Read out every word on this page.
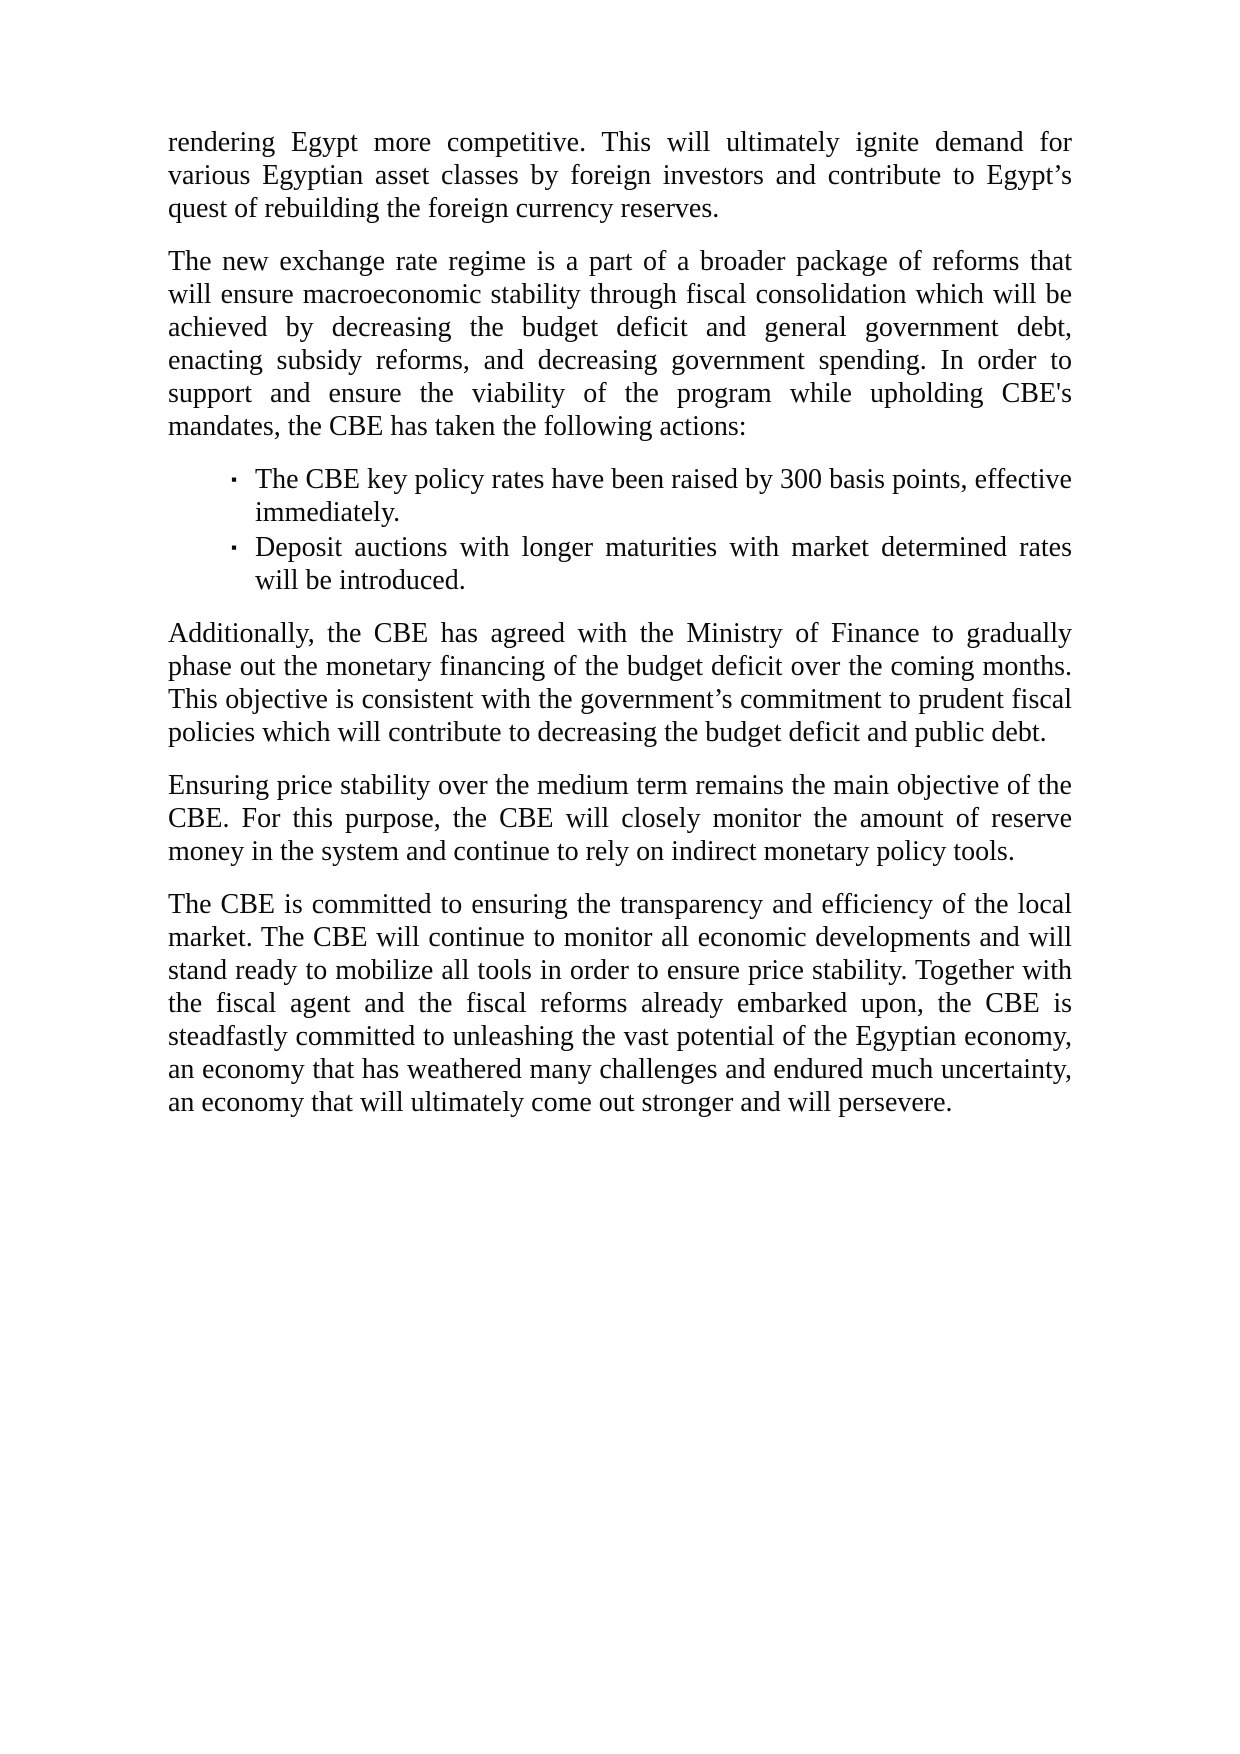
rendering Egypt more competitive. This will ultimately ignite demand for various Egyptian asset classes by foreign investors and contribute to Egypt’s quest of rebuilding the foreign currency reserves.

The new exchange rate regime is a part of a broader package of reforms that will ensure macroeconomic stability through fiscal consolidation which will be achieved by decreasing the budget deficit and general government debt, enacting subsidy reforms, and decreasing government spending. In order to support and ensure the viability of the program while upholding CBE's mandates, the CBE has taken the following actions:

▪ The CBE key policy rates have been raised by 300 basis points, effective immediately.
▪ Deposit auctions with longer maturities with market determined rates will be introduced.

Additionally, the CBE has agreed with the Ministry of Finance to gradually phase out the monetary financing of the budget deficit over the coming months. This objective is consistent with the government’s commitment to prudent fiscal policies which will contribute to decreasing the budget deficit and public debt.

Ensuring price stability over the medium term remains the main objective of the CBE. For this purpose, the CBE will closely monitor the amount of reserve money in the system and continue to rely on indirect monetary policy tools.

The CBE is committed to ensuring the transparency and efficiency of the local market. The CBE will continue to monitor all economic developments and will stand ready to mobilize all tools in order to ensure price stability. Together with the fiscal agent and the fiscal reforms already embarked upon, the CBE is steadfastly committed to unleashing the vast potential of the Egyptian economy, an economy that has weathered many challenges and endured much uncertainty, an economy that will ultimately come out stronger and will persevere.
